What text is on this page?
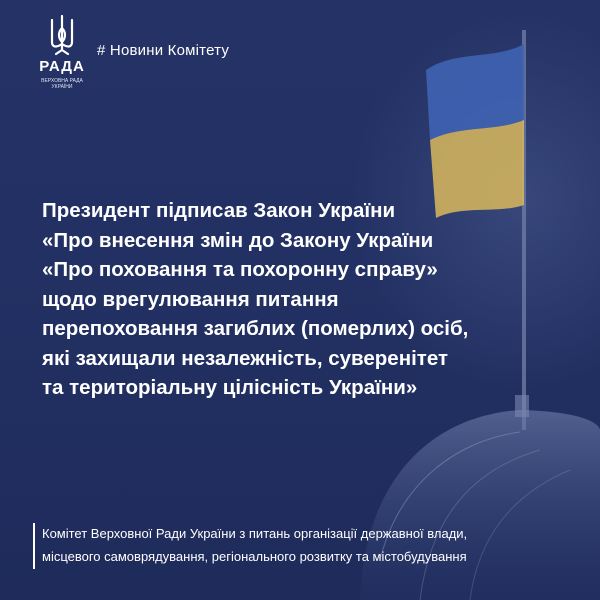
РАДА
ВЕРХОВНА РАДА
УКРАЇНИ
# Новини Комітету
Президент підписав Закон України
«Про внесення змін до Закону України
«Про поховання та похоронну справу»
щодо врегулювання питання
перепоховання загиблих (померлих) осіб,
які захищали незалежність, суверенітет
та територіальну цілісність України»
Комітет Верховної Ради України з питань організації державної влади,
місцевого самоврядування, регіонального розвитку та містобудування
